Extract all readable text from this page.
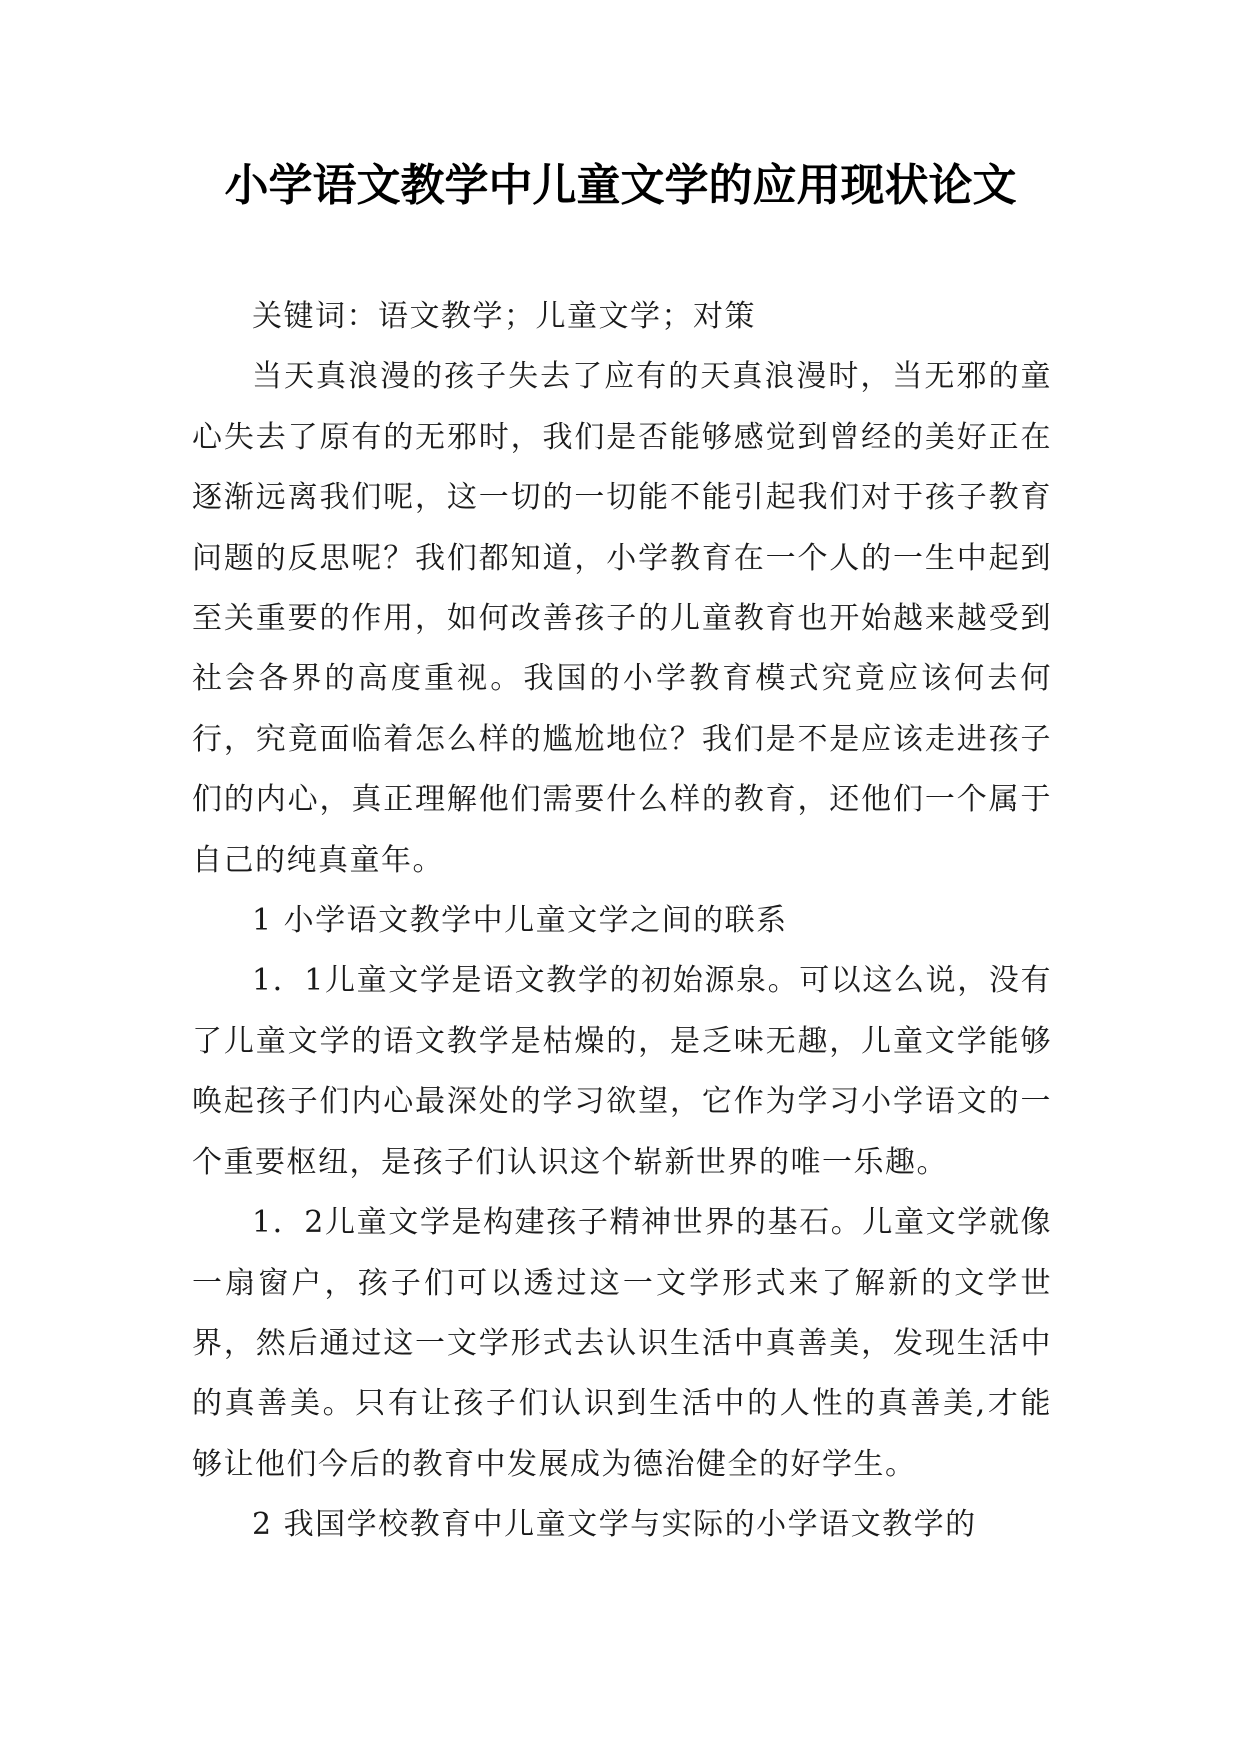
小学语文教学中儿童文学的应用现状论文

关键词：语文教学；儿童文学；对策

当天真浪漫的孩子失去了应有的天真浪漫时，当无邪的童心失去了原有的无邪时，我们是否能够感觉到曾经的美好正在逐渐远离我们呢，这一切的一切能不能引起我们对于孩子教育问题的反思呢？我们都知道，小学教育在一个人的一生中起到至关重要的作用，如何改善孩子的儿童教育也开始越来越受到社会各界的高度重视。我国的小学教育模式究竟应该何去何行，究竟面临着怎么样的尴尬地位？我们是不是应该走进孩子们的内心，真正理解他们需要什么样的教育，还他们一个属于自己的纯真童年。

1 小学语文教学中儿童文学之间的联系

1．1儿童文学是语文教学的初始源泉。可以这么说，没有了儿童文学的语文教学是枯燥的，是乏味无趣，儿童文学能够唤起孩子们内心最深处的学习欲望，它作为学习小学语文的一个重要枢纽，是孩子们认识这个崭新世界的唯一乐趣。

1．2儿童文学是构建孩子精神世界的基石。儿童文学就像一扇窗户，孩子们可以透过这一文学形式来了解新的文学世界，然后通过这一文学形式去认识生活中真善美，发现生活中的真善美。只有让孩子们认识到生活中的人性的真善美,才能够让他们今后的教育中发展成为德治健全的好学生。

2 我国学校教育中儿童文学与实际的小学语文教学的
